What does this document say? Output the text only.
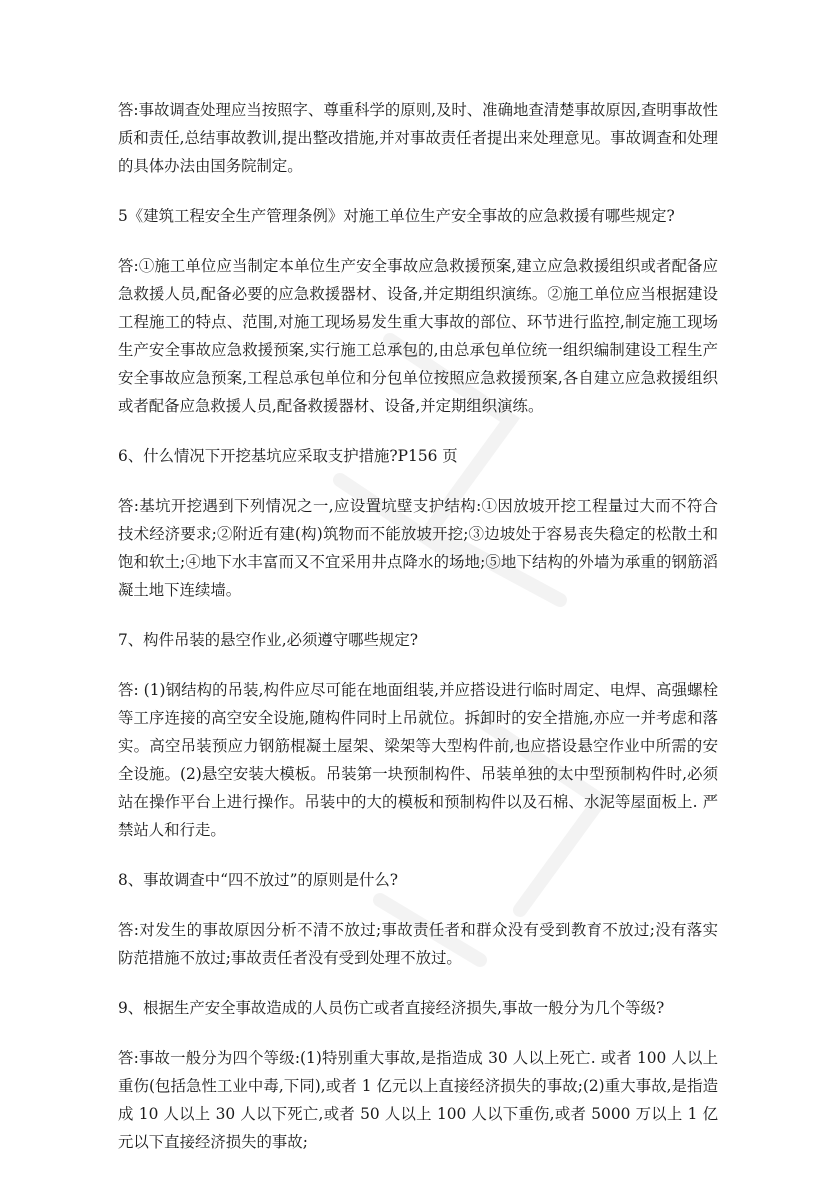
答:事故调查处理应当按照字、尊重科学的原则,及时、准确地查清楚事故原因,查明事故性质和责任,总结事故教训,提出整改措施,并对事故责任者提出来处理意见。事故调查和处理的具体办法由国务院制定。

5《建筑工程安全生产管理条例》对施工单位生产安全事故的应急救援有哪些规定?

答:①施工单位应当制定本单位生产安全事故应急救援预案,建立应急救援组织或者配备应急救援人员,配备必要的应急救援器材、设备,并定期组织演练。②施工单位应当根据建设工程施工的特点、范围,对施工现场易发生重大事故的部位、环节进行监控,制定施工现场生产安全事故应急救援预案,实行施工总承包的,由总承包单位统一组织编制建设工程生产安全事故应急预案,工程总承包单位和分包单位按照应急救援预案,各自建立应急救援组织或者配备应急救援人员,配备救援器材、设备,并定期组织演练。

6、什么情况下开挖基坑应采取支护措施?P156 页

答:基坑开挖遇到下列情况之一,应设置坑壁支护结构:①因放坡开挖工程量过大而不符合技术经济要求;②附近有建(构)筑物而不能放坡开挖;③边坡处于容易丧失稳定的松散土和饱和软土;④地下水丰富而又不宜采用井点降水的场地;⑤地下结构的外墙为承重的钢筋滔凝土地下连续墙。

7、构件吊装的悬空作业,必须遵守哪些规定?

答: (1)钢结构的吊装,构件应尽可能在地面组装,并应搭设进行临时周定、电焊、高强螺栓等工序连接的高空安全设施,随构件同时上吊就位。拆卸时的安全措施,亦应一并考虑和落实。高空吊装预应力钢筋棍凝土屋架、梁架等大型构件前,也应搭设悬空作业中所需的安全设施。(2)悬空安装大模板。吊装第一块预制构件、吊装单独的太中型预制构件时,必须站在操作平台上进行操作。吊装中的大的模板和预制构件以及石棉、水泥等屋面板上. 严禁站人和行走。

8、事故调查中“四不放过”的原则是什么?

答:对发生的事故原因分析不清不放过;事故责任者和群众没有受到教育不放过;没有落实防范措施不放过;事故责任者没有受到处理不放过。

9、根据生产安全事故造成的人员伤亡或者直接经济损失,事故一般分为几个等级?

答:事故一般分为四个等级:(1)特别重大事故,是指造成 30 人以上死亡. 或者 100 人以上重伤(包括急性工业中毒,下同),或者 1 亿元以上直接经济损失的事故;(2)重大事故,是指造成 10 人以上 30 人以下死亡,或者 50 人以上 100 人以下重伤,或者 5000 万以上 1 亿元以下直接经济损失的事故;
